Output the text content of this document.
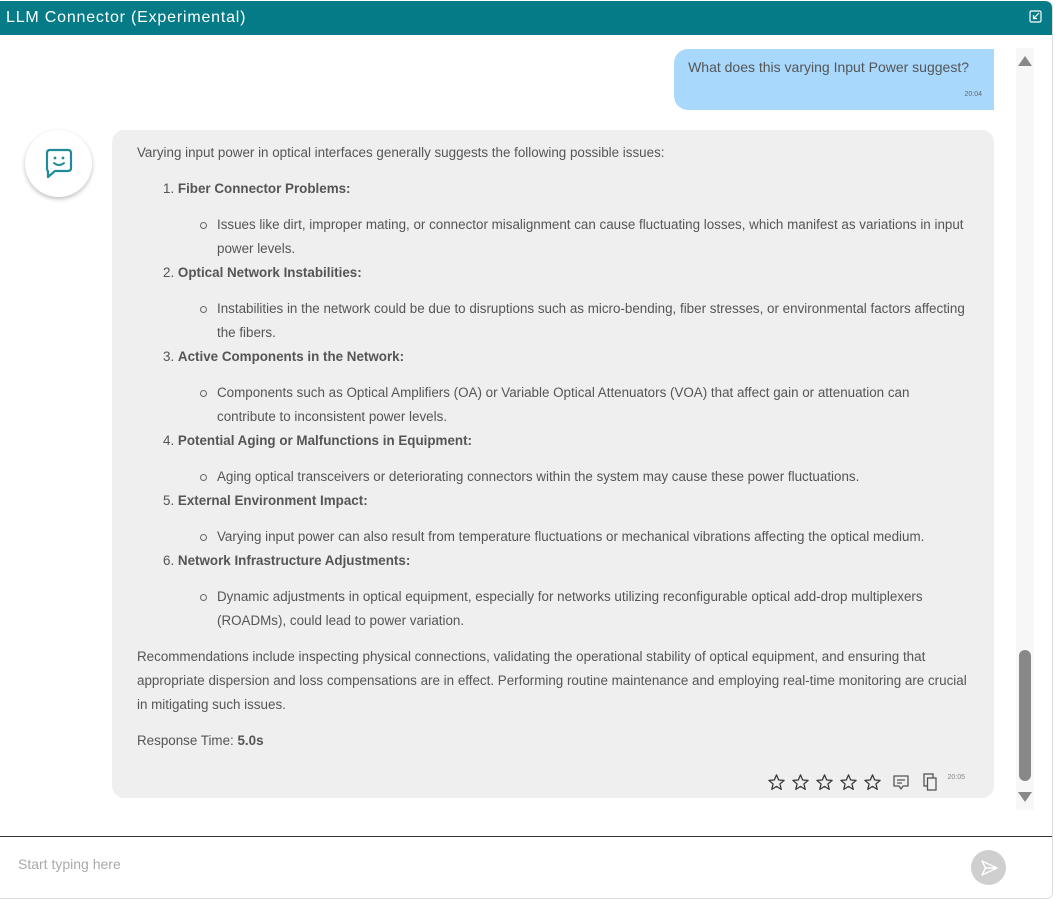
LLM Connector (Experimental)
What does this varying Input Power suggest?
20:04

Varying input power in optical interfaces generally suggests the following possible issues:

1. Fiber Connector Problems:
Issues like dirt, improper mating, or connector misalignment can cause fluctuating losses, which manifest as variations in input power levels.
2. Optical Network Instabilities:
Instabilities in the network could be due to disruptions such as micro-bending, fiber stresses, or environmental factors affecting the fibers.
3. Active Components in the Network:
Components such as Optical Amplifiers (OA) or Variable Optical Attenuators (VOA) that affect gain or attenuation can contribute to inconsistent power levels.
4. Potential Aging or Malfunctions in Equipment:
Aging optical transceivers or deteriorating connectors within the system may cause these power fluctuations.
5. External Environment Impact:
Varying input power can also result from temperature fluctuations or mechanical vibrations affecting the optical medium.
6. Network Infrastructure Adjustments:
Dynamic adjustments in optical equipment, especially for networks utilizing reconfigurable optical add-drop multiplexers (ROADMs), could lead to power variation.

Recommendations include inspecting physical connections, validating the operational stability of optical equipment, and ensuring that appropriate dispersion and loss compensations are in effect. Performing routine maintenance and employing real-time monitoring are crucial in mitigating such issues.

Response Time: 5.0s

20:05
Start typing here
